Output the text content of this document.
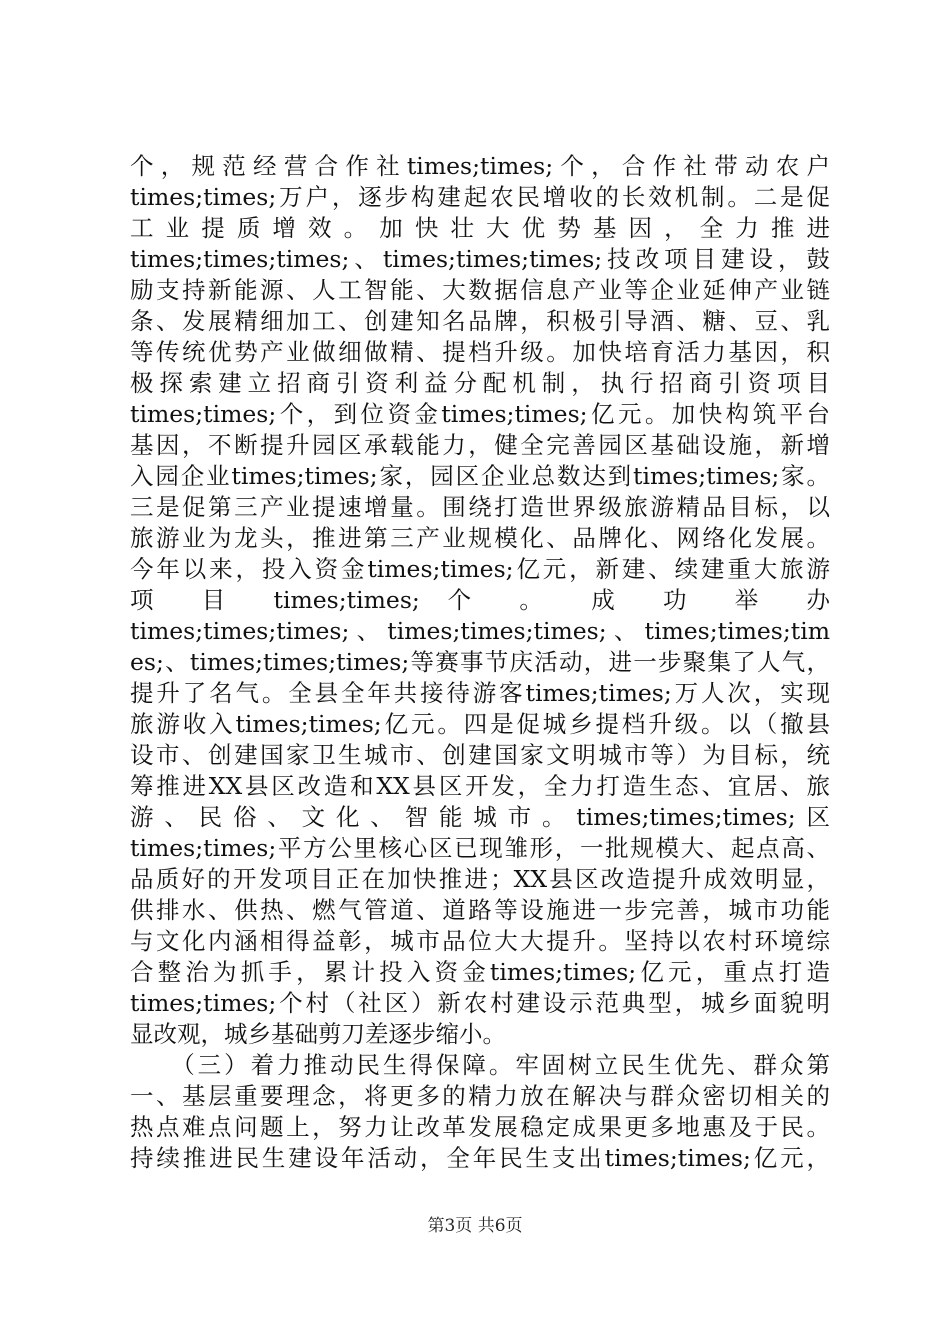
个，规范经营合作社times;times;个，合作社带动农户
times;times;万户，逐步构建起农民增收的长效机制。二是促
工业提质增效。加快壮大优势基因，全力推进
times;times;times;、times;times;times;技改项目建设，鼓
励支持新能源、人工智能、大数据信息产业等企业延伸产业链
条、发展精细加工、创建知名品牌，积极引导酒、糖、豆、乳
等传统优势产业做细做精、提档升级。加快培育活力基因，积
极探索建立招商引资利益分配机制，执行招商引资项目
times;times;个，到位资金times;times;亿元。加快构筑平台
基因，不断提升园区承载能力，健全完善园区基础设施，新增
入园企业times;times;家，园区企业总数达到times;times;家。
三是促第三产业提速增量。围绕打造世界级旅游精品目标，以
旅游业为龙头，推进第三产业规模化、品牌化、网络化发展。
今年以来，投入资金times;times;亿元，新建、续建重大旅游
项 目 times;times; 个 。 成 功 举 办
times;times;times;、times;times;times;、times;times;tim
es;、times;times;times;等赛事节庆活动，进一步聚集了人气，
提升了名气。全县全年共接待游客times;times;万人次，实现
旅游收入times;times;亿元。四是促城乡提档升级。以（撤县
设市、创建国家卫生城市、创建国家文明城市等）为目标，统
筹推进XX县区改造和XX县区开发，全力打造生态、宜居、旅
游、民俗、文化、智能城市。times;times;times;区
times;times;平方公里核心区已现雏形，一批规模大、起点高、
品质好的开发项目正在加快推进；XX县区改造提升成效明显，
供排水、供热、燃气管道、道路等设施进一步完善，城市功能
与文化内涵相得益彰，城市品位大大提升。坚持以农村环境综
合整治为抓手，累计投入资金times;times;亿元，重点打造
times;times;个村（社区）新农村建设示范典型，城乡面貌明
显改观，城乡基础剪刀差逐步缩小。
　　（三）着力推动民生得保障。牢固树立民生优先、群众第
一、基层重要理念，将更多的精力放在解决与群众密切相关的
热点难点问题上，努力让改革发展稳定成果更多地惠及于民。
持续推进民生建设年活动，全年民生支出times;times;亿元，
第3页 共6页
